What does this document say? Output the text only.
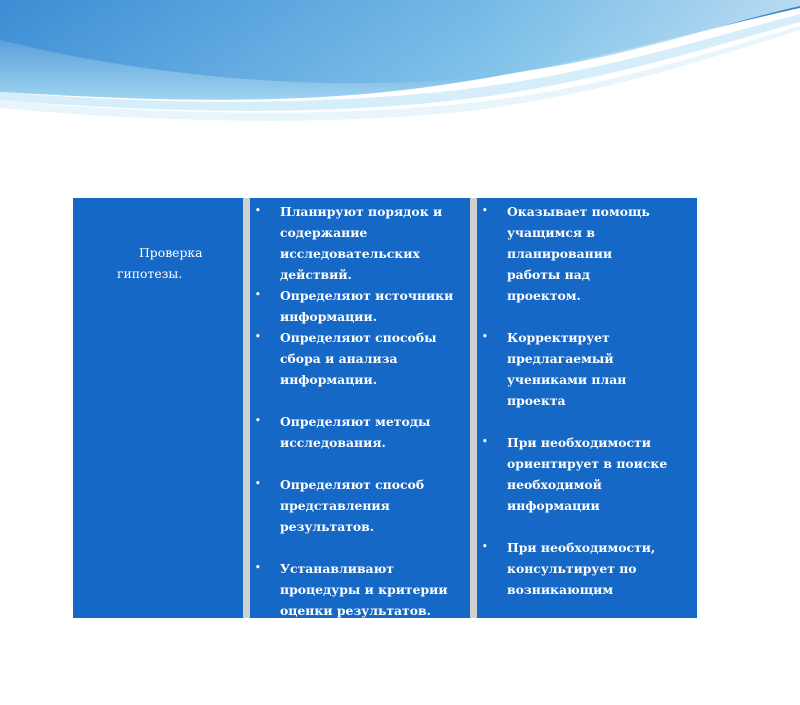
Проверка
гипотезы.
• Планируют порядок и
содержание
исследовательских
действий.
• Определяют источники
информации.
• Определяют способы
сбора и анализа
информации.
• Определяют методы
исследования.
• Определяют способ
представления
результатов.
• Устанавливают
процедуры и критерии
оценки результатов.
• Распределяют задания в
группе (если проект не
• Оказывает помощь
учащимся в
планировании
работы над
проектом.
• Корректирует
предлагаемый
учениками план
проекта
• При необходимости
ориентирует в поиске
необходимой
информации
• При необходимости,
консультирует по
возникающим
